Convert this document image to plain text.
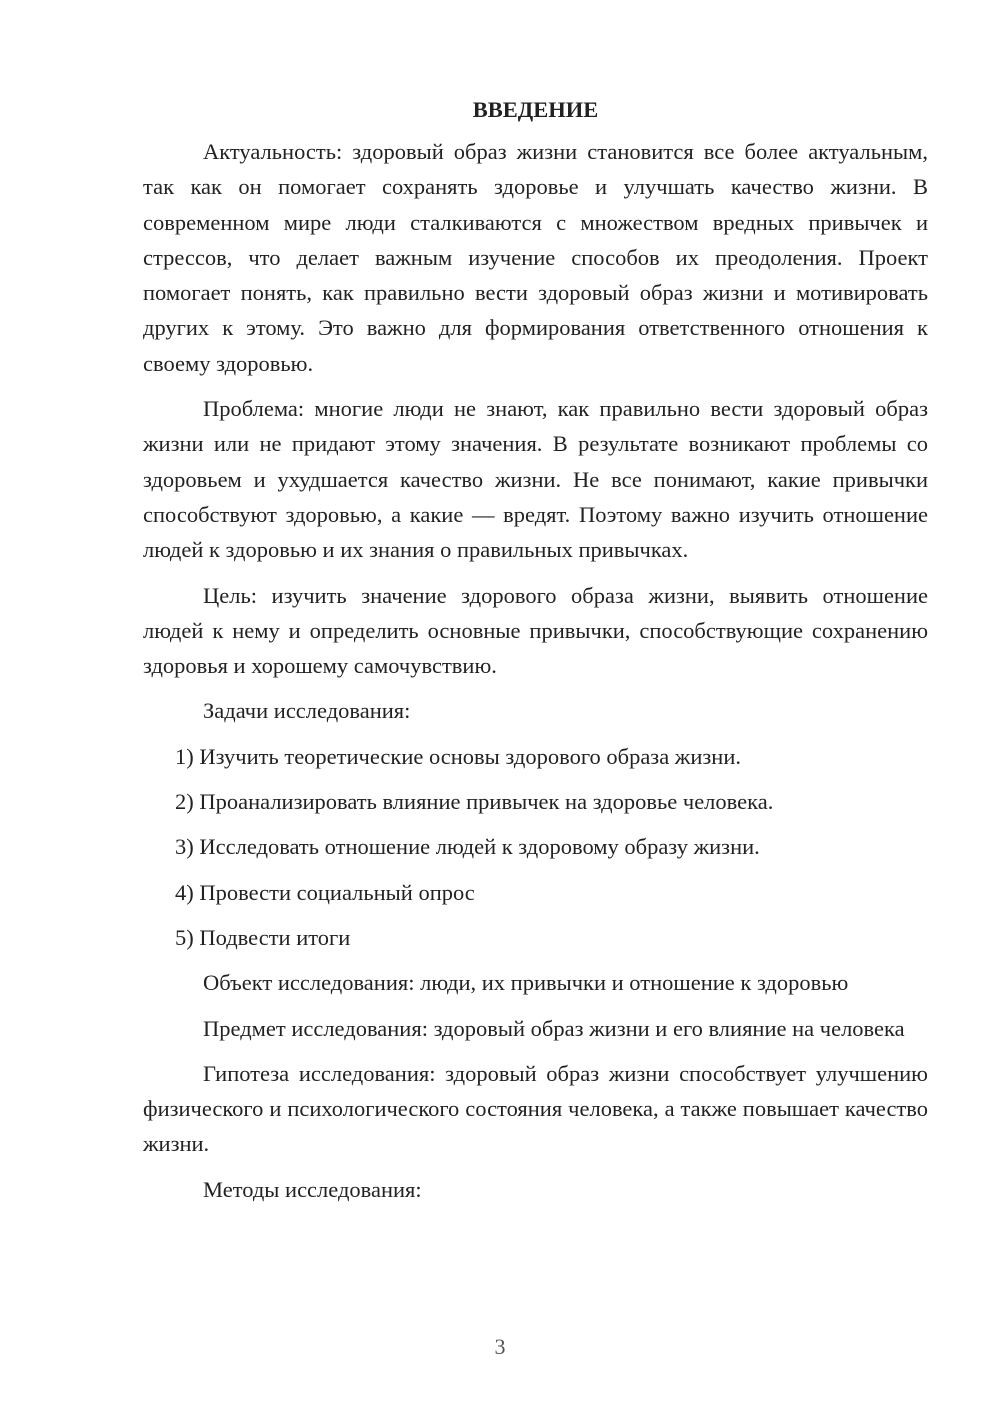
ВВЕДЕНИЕ

Актуальность: здоровый образ жизни становится все более актуальным, так как он помогает сохранять здоровье и улучшать качество жизни. В современном мире люди сталкиваются с множеством вредных привычек и стрессов, что делает важным изучение способов их преодоления. Проект помогает понять, как правильно вести здоровый образ жизни и мотивировать других к этому. Это важно для формирования ответственного отношения к своему здоровью.

Проблема: многие люди не знают, как правильно вести здоровый образ жизни или не придают этому значения. В результате возникают проблемы со здоровьем и ухудшается качество жизни. Не все понимают, какие привычки способствуют здоровью, а какие — вредят. Поэтому важно изучить отношение людей к здоровью и их знания о правильных привычках.

Цель: изучить значение здорового образа жизни, выявить отношение людей к нему и определить основные привычки, способствующие сохранению здоровья и хорошему самочувствию.

Задачи исследования:

1) Изучить теоретические основы здорового образа жизни.
2) Проанализировать влияние привычек на здоровье человека.
3) Исследовать отношение людей к здоровому образу жизни.
4) Провести социальный опрос
5) Подвести итоги

Объект исследования: люди, их привычки и отношение к здоровью

Предмет исследования: здоровый образ жизни и его влияние на человека

Гипотеза исследования: здоровый образ жизни способствует улучшению физического и психологического состояния человека, а также повышает качество жизни.

Методы исследования:

3
